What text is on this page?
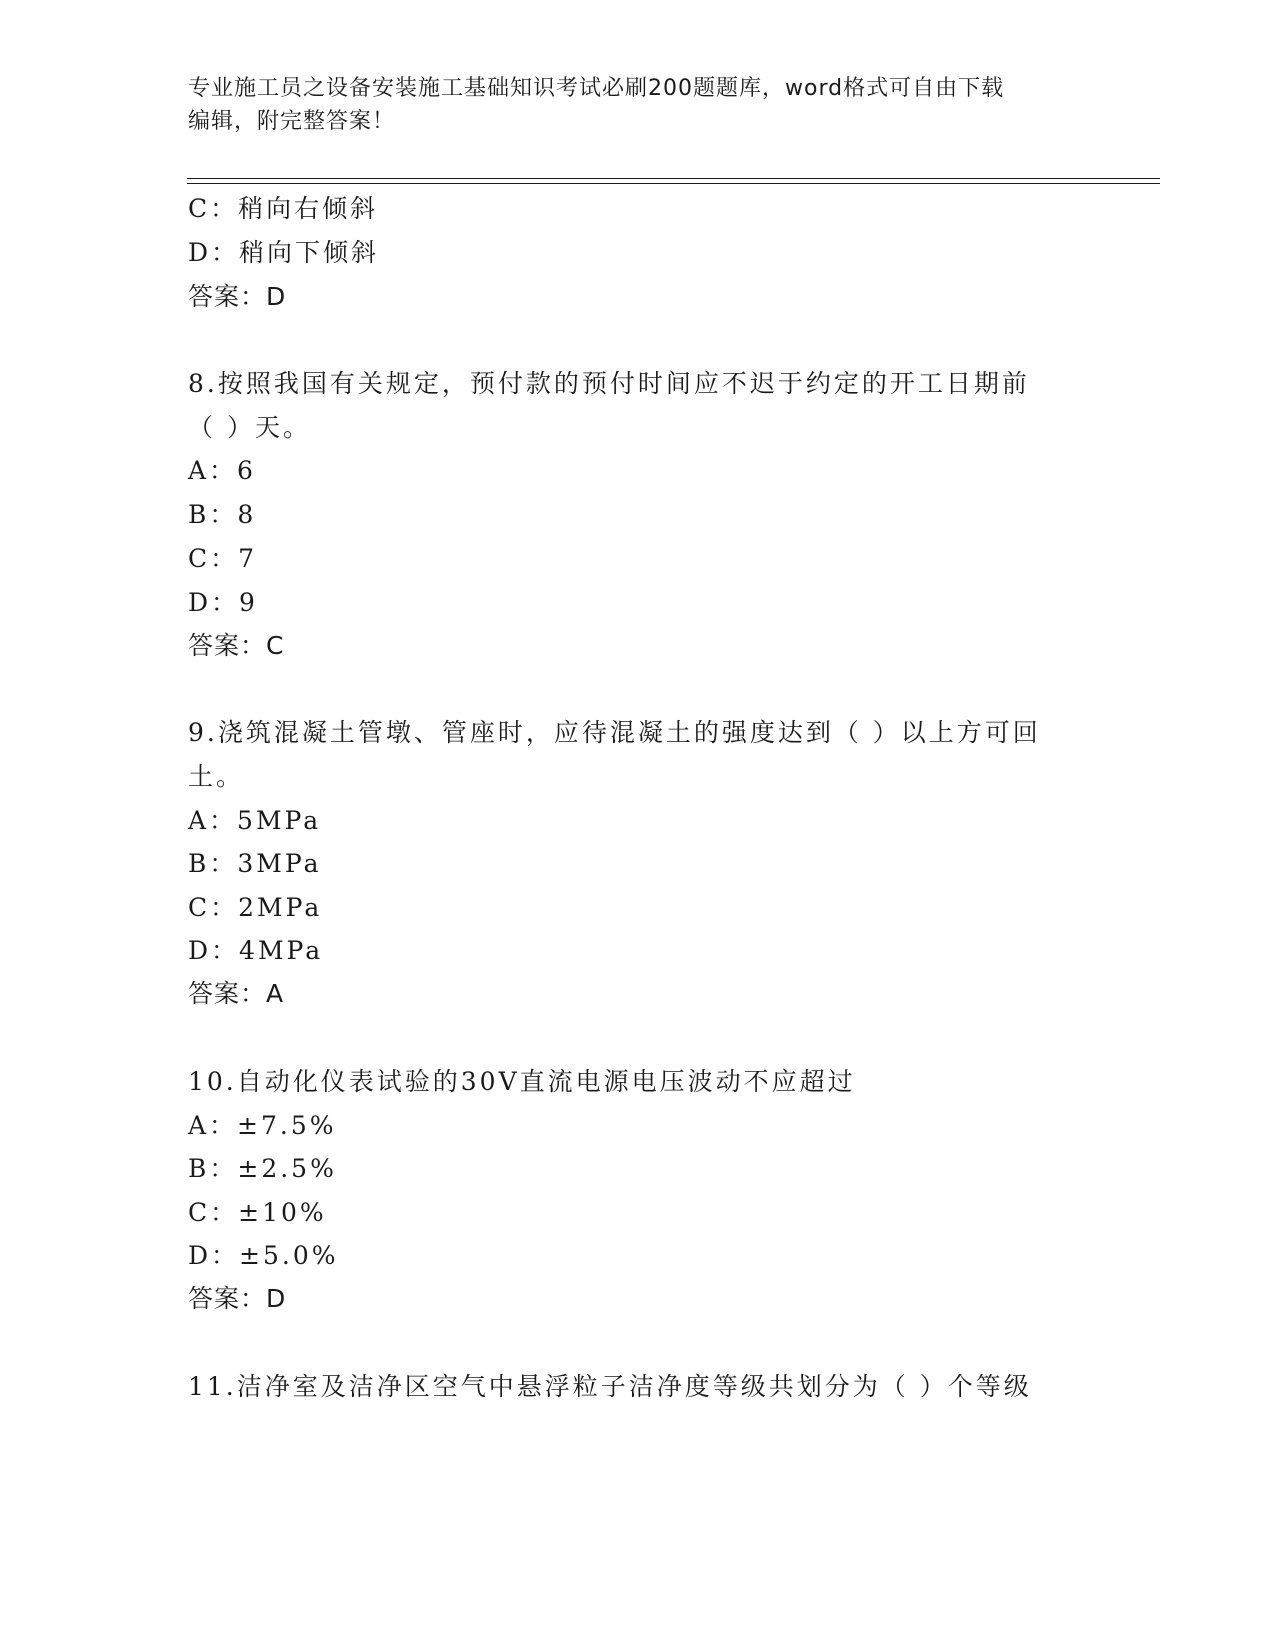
专业施工员之设备安装施工基础知识考试必刷200题题库，word格式可自由下载
编辑，附完整答案！
C：稍向右倾斜
D：稍向下倾斜
答案：D
8.按照我国有关规定，预付款的预付时间应不迟于约定的开工日期前
（ ）天。
A：6
B：8
C：7
D：9
答案：C
9.浇筑混凝土管墩、管座时，应待混凝土的强度达到（ ）以上方可回
土。
A：5MPa
B：3MPa
C：2MPa
D：4MPa
答案：A
10.自动化仪表试验的30V直流电源电压波动不应超过
A：±7.5%
B：±2.5%
C：±10%
D：±5.0%
答案：D
11.洁净室及洁净区空气中悬浮粒子洁净度等级共划分为（ ）个等级
